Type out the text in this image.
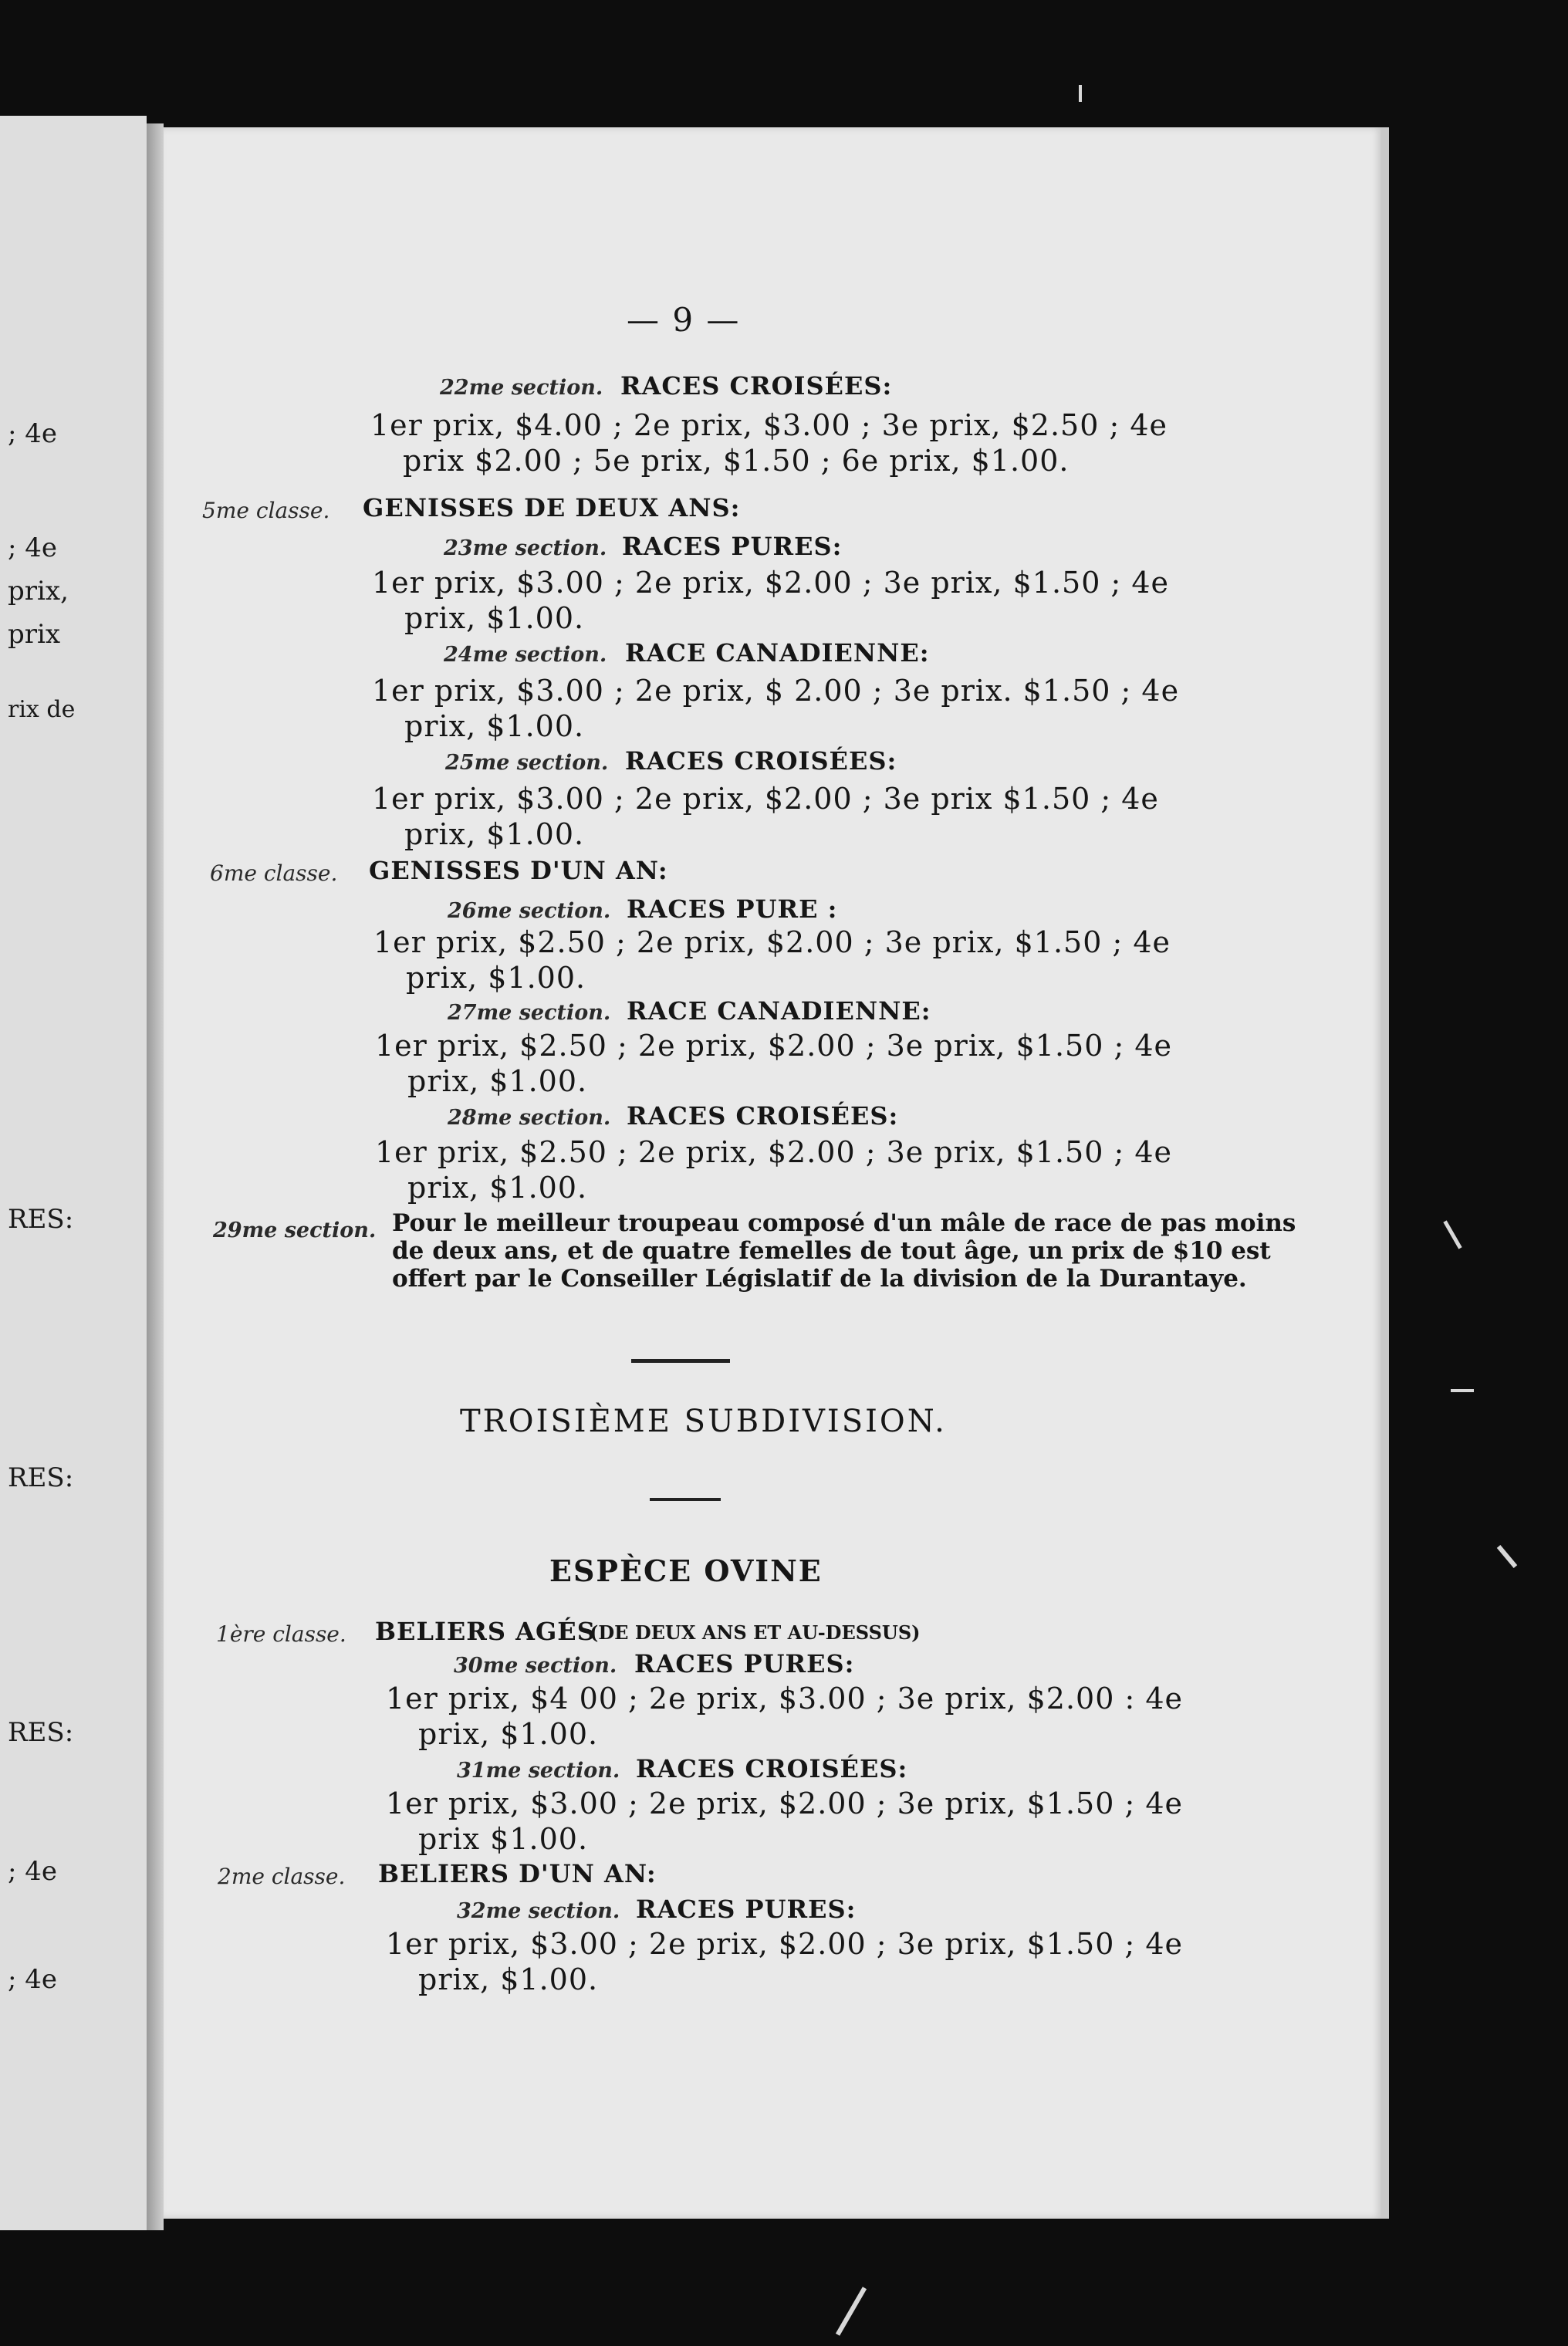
; 4e
; 4e
prix,
prix
rix de
RES:
RES:
RES:
; 4e
; 4e
— 9 —
22me section. RACES CROISÉES:
1er prix, $4.00 ; 2e prix, $3.00 ; 3e prix, $2.50 ; 4e
prix $2.00 ; 5e prix, $1.50 ; 6e prix, $1.00.
5me classe. GENISSES DE DEUX ANS:
23me section. RACES PURES:
1er prix, $3.00 ; 2e prix, $2.00 ; 3e prix, $1.50 ; 4e
prix, $1.00.
24me section. RACE CANADIENNE:
1er prix, $3.00 ; 2e prix, $ 2.00 ; 3e prix. $1.50 ; 4e
prix, $1.00.
25me section. RACES CROISÉES:
1er prix, $3.00 ; 2e prix, $2.00 ; 3e prix $1.50 ; 4e
prix, $1.00.
6me classe. GENISSES D'UN AN:
26me section. RACES PURE :
1er prix, $2.50 ; 2e prix, $2.00 ; 3e prix, $1.50 ; 4e
prix, $1.00.
27me section. RACE CANADIENNE:
1er prix, $2.50 ; 2e prix, $2.00 ; 3e prix, $1.50 ; 4e
prix, $1.00.
28me section. RACES CROISÉES:
1er prix, $2.50 ; 2e prix, $2.00 ; 3e prix, $1.50 ; 4e
prix, $1.00.
29me section. Pour le meilleur troupeau composé d'un mâle de race de pas moins de deux ans, et de quatre femelles de tout âge, un prix de $10 est offert par le Conseiller Législatif de la division de la Durantaye.
TROISIÈME SUBDIVISION.
ESPÈCE OVINE
1ère classe. BELIERS AGÉS
(DE DEUX ANS ET AU-DESSUS)
30me section. RACES PURES:
1er prix, $4 00 ; 2e prix, $3.00 ; 3e prix, $2.00 : 4e
prix, $1.00.
31me section. RACES CROISÉES:
1er prix, $3.00 ; 2e prix, $2.00 ; 3e prix, $1.50 ; 4e
prix $1.00.
2me classe. BELIERS D'UN AN:
32me section. RACES PURES:
1er prix, $3.00 ; 2e prix, $2.00 ; 3e prix, $1.50 ; 4e
prix, $1.00.
